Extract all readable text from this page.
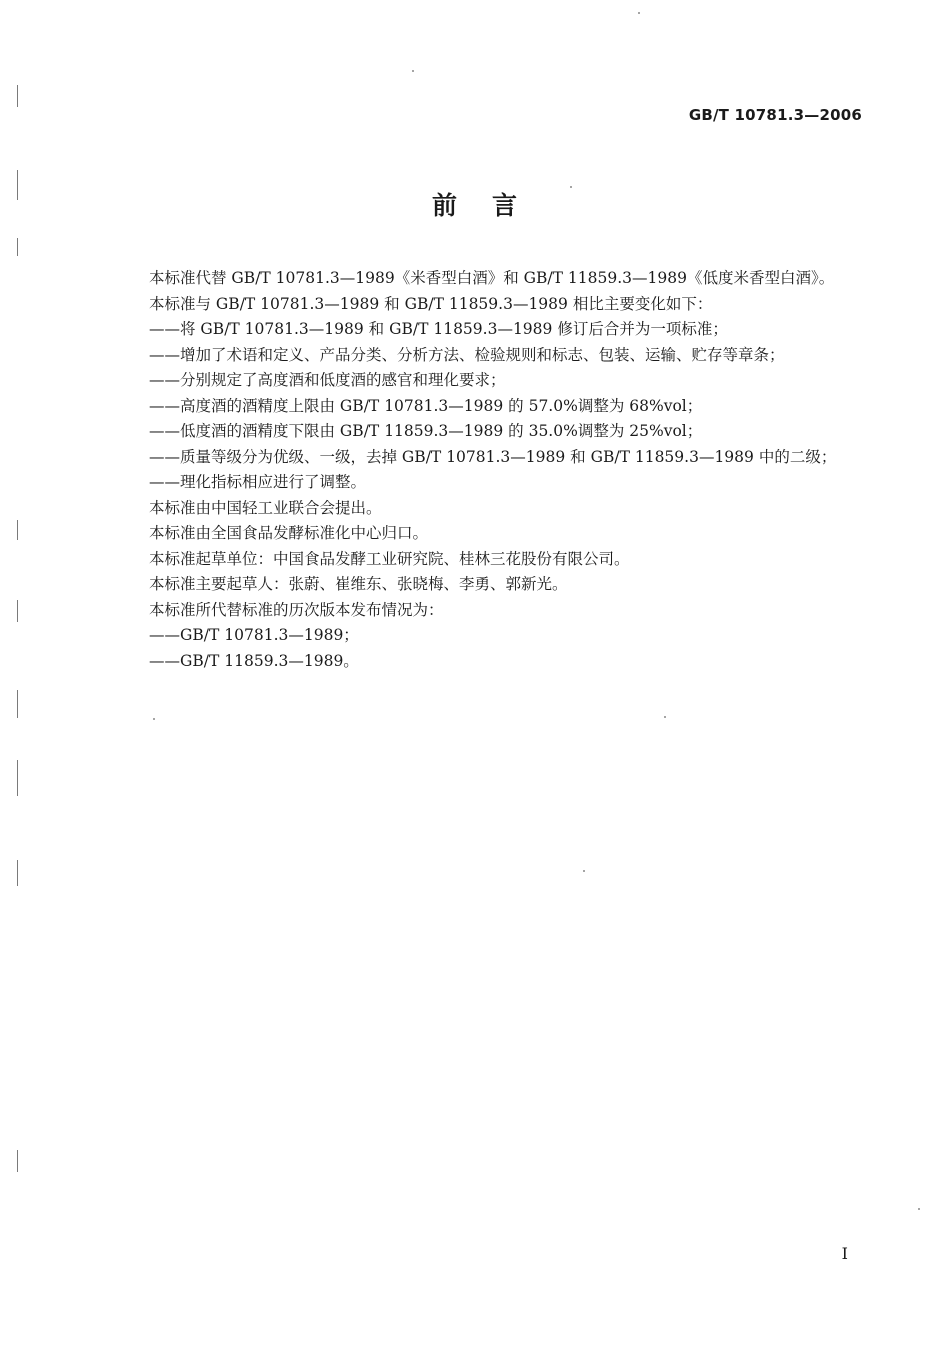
GB/T 10781.3—2006
前 言
本标准代替 GB/T 10781.3—1989《米香型白酒》和 GB/T 11859.3—1989《低度米香型白酒》。
本标准与 GB/T 10781.3—1989 和 GB/T 11859.3—1989 相比主要变化如下：
——将 GB/T 10781.3—1989 和 GB/T 11859.3—1989 修订后合并为一项标准；
——增加了术语和定义、产品分类、分析方法、检验规则和标志、包装、运输、贮存等章条；
——分别规定了高度酒和低度酒的感官和理化要求；
——高度酒的酒精度上限由 GB/T 10781.3—1989 的 57.0%调整为 68%vol；
——低度酒的酒精度下限由 GB/T 11859.3—1989 的 35.0%调整为 25%vol；
——质量等级分为优级、一级，去掉 GB/T 10781.3—1989 和 GB/T 11859.3—1989 中的二级；
——理化指标相应进行了调整。
本标准由中国轻工业联合会提出。
本标准由全国食品发酵标准化中心归口。
本标准起草单位：中国食品发酵工业研究院、桂林三花股份有限公司。
本标准主要起草人：张蔚、崔维东、张晓梅、李勇、郭新光。
本标准所代替标准的历次版本发布情况为：
——GB/T 10781.3—1989；
——GB/T 11859.3—1989。
I
